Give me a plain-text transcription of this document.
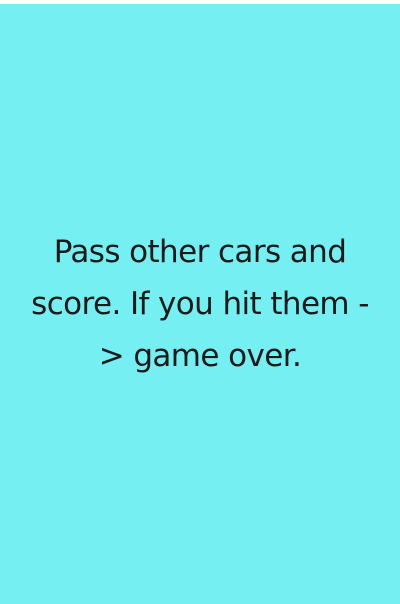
Pass other cars and score. If you hit them -> game over.
